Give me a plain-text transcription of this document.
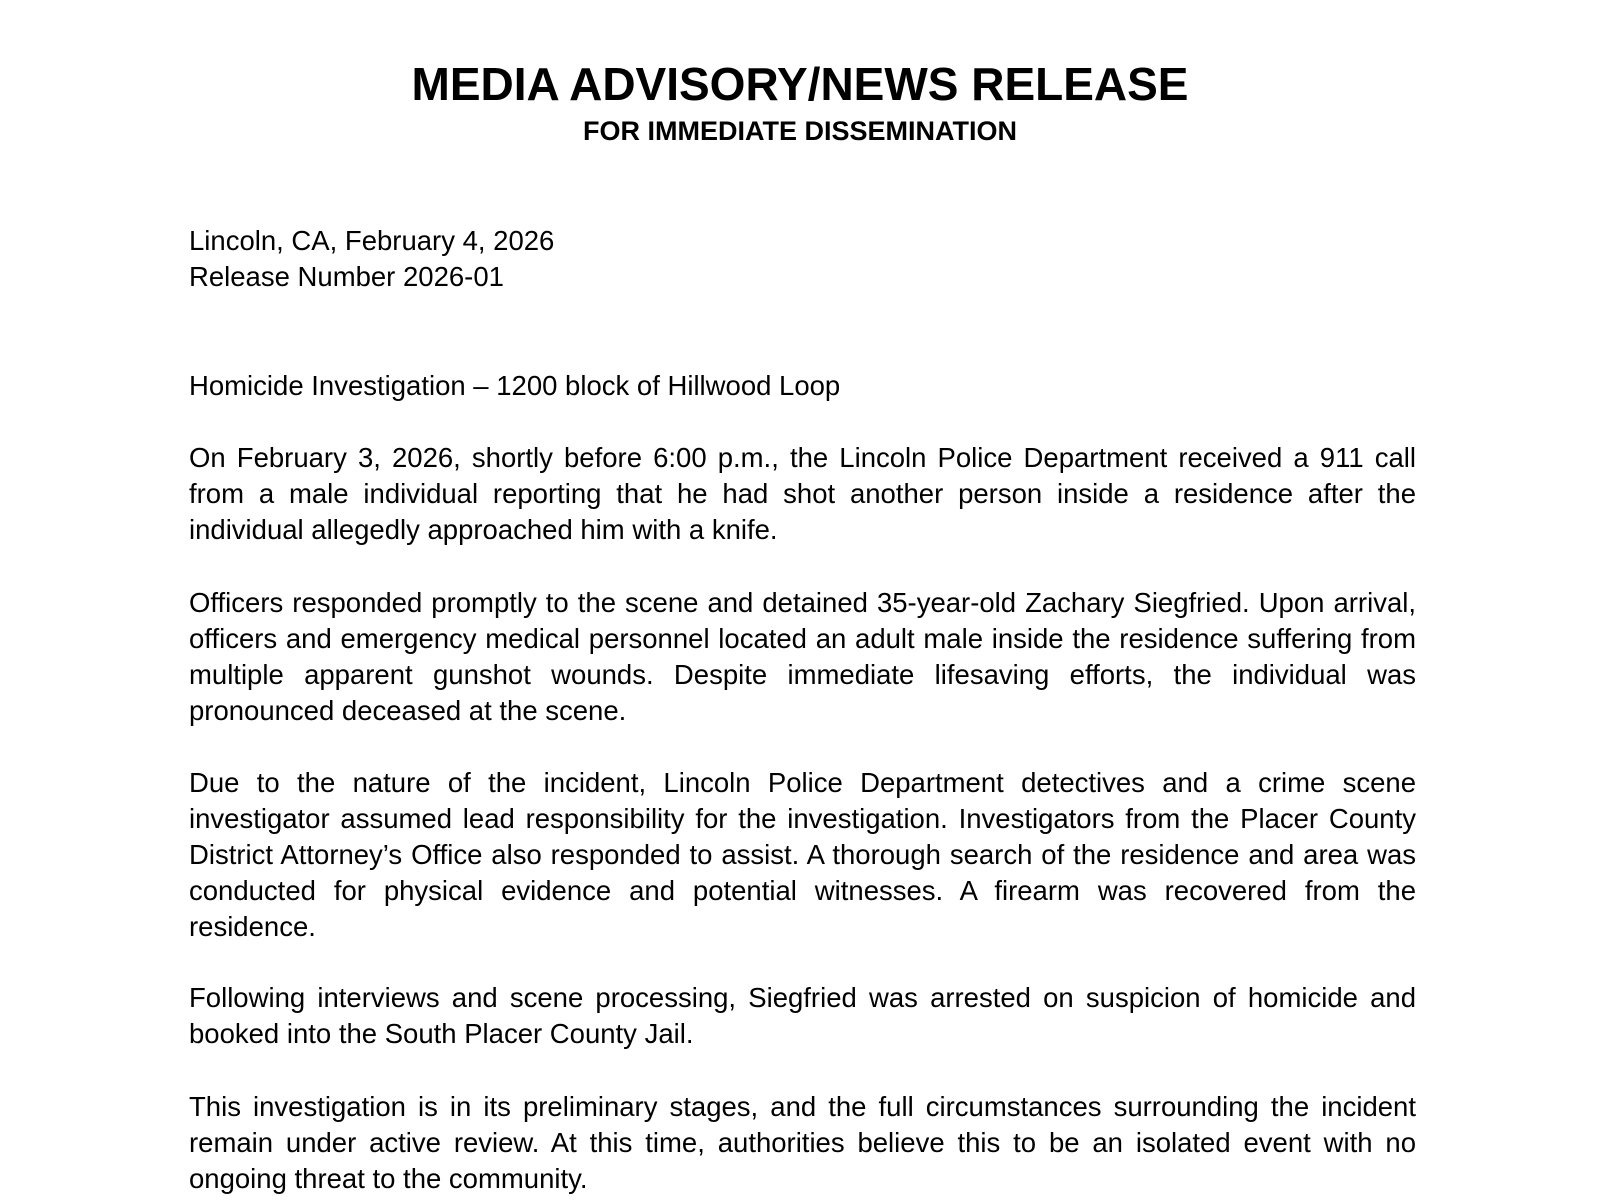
MEDIA ADVISORY/NEWS RELEASE
FOR IMMEDIATE DISSEMINATION
Lincoln, CA, February 4, 2026
Release Number 2026-01
Homicide Investigation – 1200 block of Hillwood Loop

On February 3, 2026, shortly before 6:00 p.m., the Lincoln Police Department received a 911 call from a male individual reporting that he had shot another person inside a residence after the individual allegedly approached him with a knife.

Officers responded promptly to the scene and detained 35-year-old Zachary Siegfried. Upon arrival, officers and emergency medical personnel located an adult male inside the residence suffering from multiple apparent gunshot wounds. Despite immediate lifesaving efforts, the individual was pronounced deceased at the scene.

Due to the nature of the incident, Lincoln Police Department detectives and a crime scene investigator assumed lead responsibility for the investigation. Investigators from the Placer County District Attorney’s Office also responded to assist. A thorough search of the residence and area was conducted for physical evidence and potential witnesses. A firearm was recovered from the residence.

Following interviews and scene processing, Siegfried was arrested on suspicion of homicide and booked into the South Placer County Jail.

This investigation is in its preliminary stages, and the full circumstances surrounding the incident remain under active review. At this time, authorities believe this to be an isolated event with no ongoing threat to the community.
